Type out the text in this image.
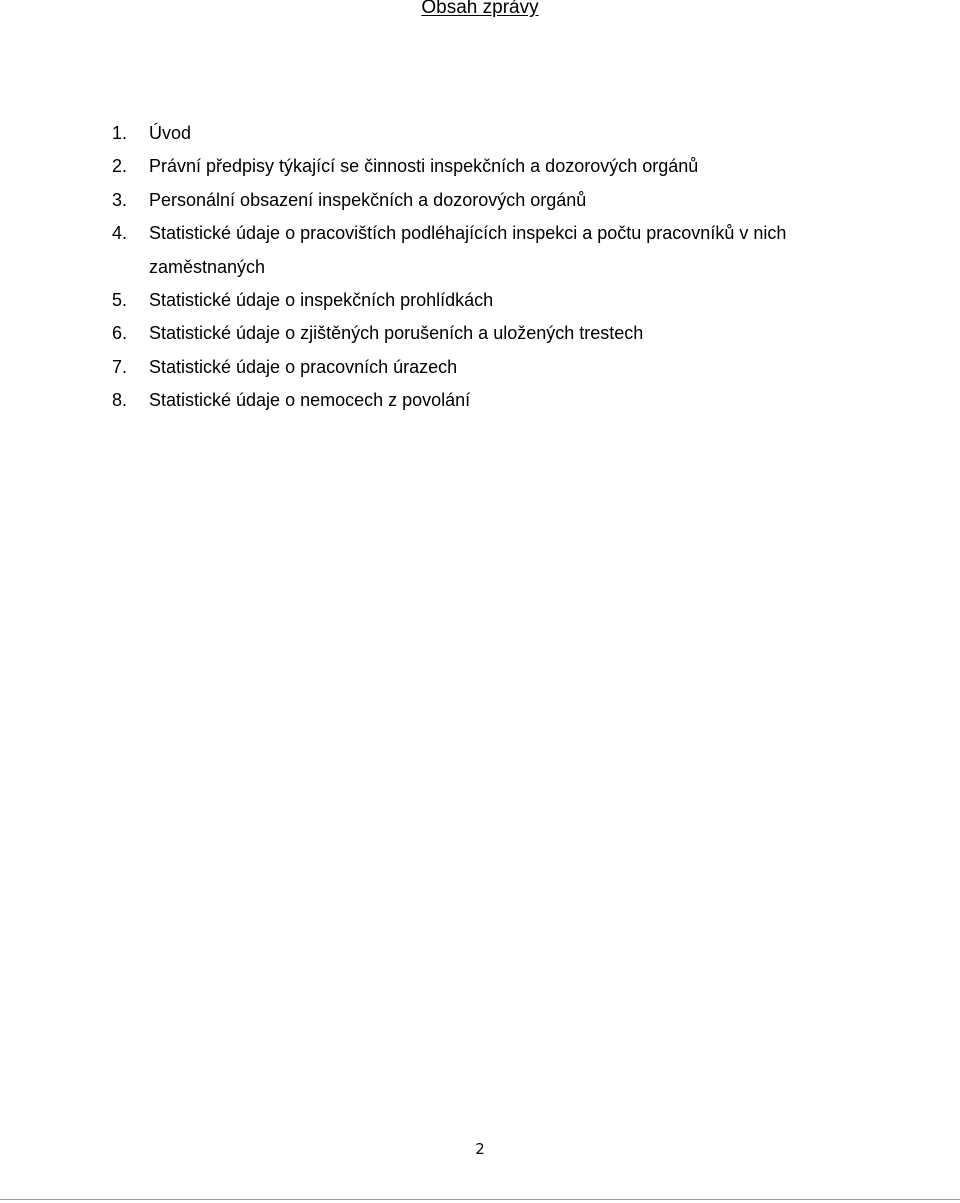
Obsah zprávy
1.	Úvod
2.	Právní předpisy týkající se činnosti inspekčních a dozorových orgánů
3.	Personální obsazení inspekčních a dozorových orgánů
4.	Statistické údaje o pracovištích podléhajících inspekci a počtu pracovníků v nich zaměstnaných
5.	Statistické údaje o inspekčních prohlídkách
6.	Statistické údaje o zjištěných porušeních a uložených trestech
7.	Statistické údaje o pracovních úrazech
8.	Statistické údaje o nemocech z povolání
2
